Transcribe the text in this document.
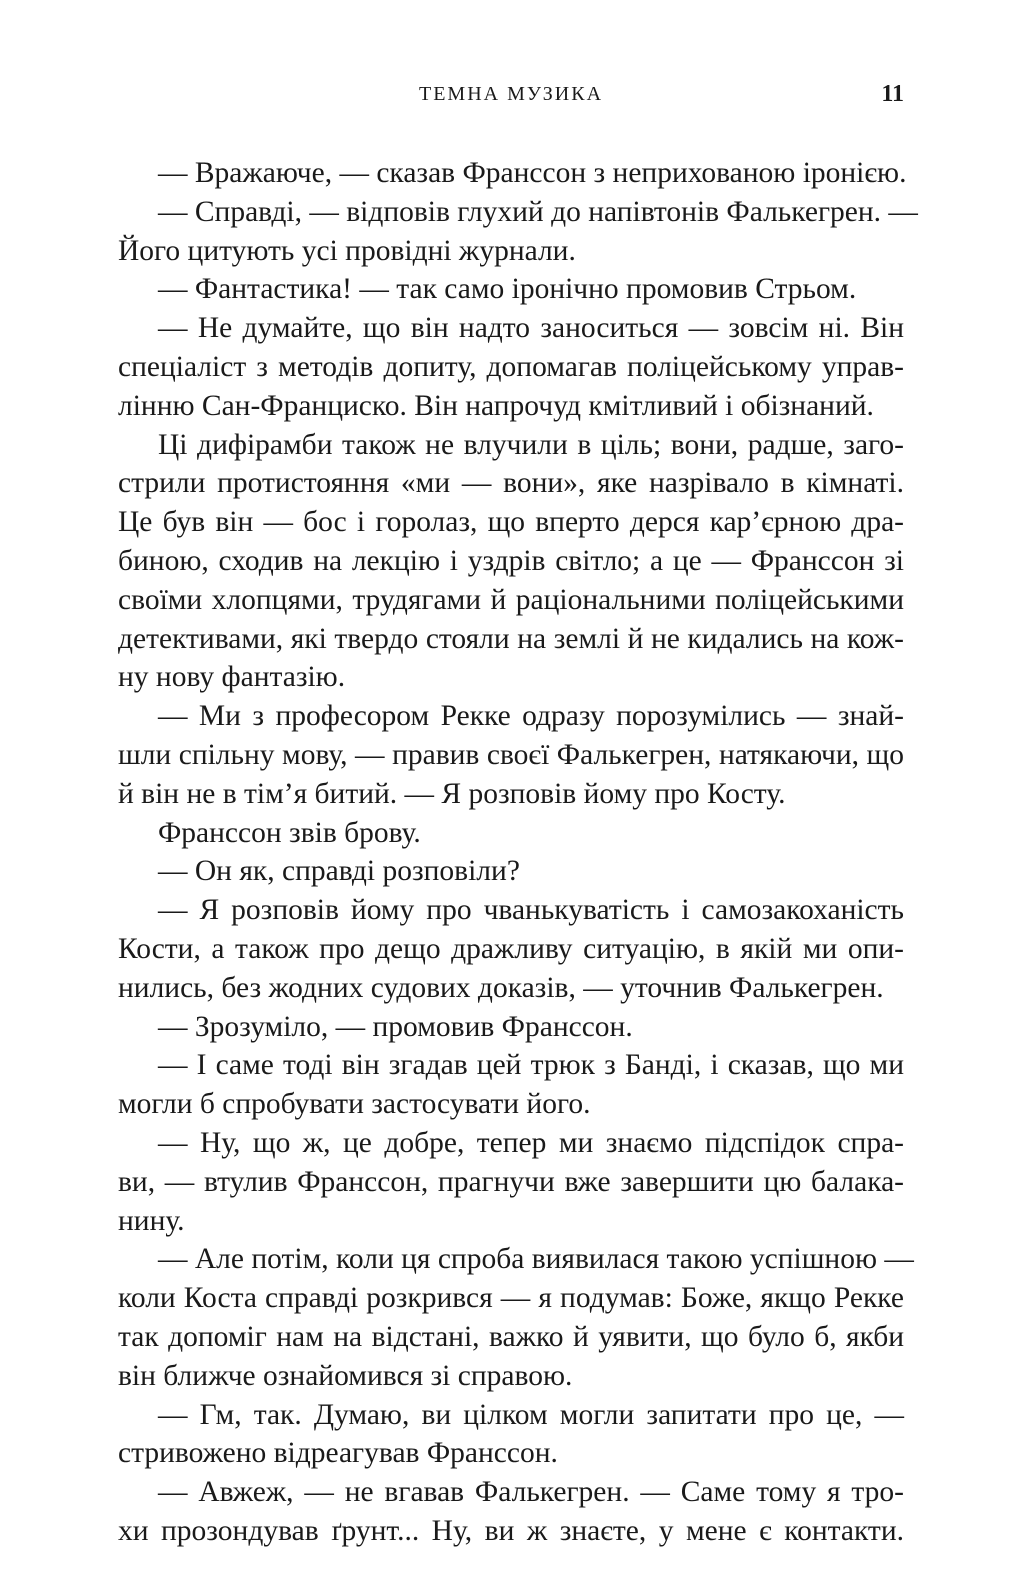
ТЕМНА МУЗИКА	11
— Вражаюче, — сказав Франссон з неприхованою іронією.
— Справді, — відповів глухий до напівтонів Фалькегрен. —
Його цитують усі провідні журнали.
— Фантастика! — так само іронічно промовив Стрьом.
— Не думайте, що він надто заноситься — зовсім ні. Він
спеціаліст з методів допиту, допомагав поліцейському управ-
лінню Сан-Франциско. Він напрочуд кмітливий і обізнаний.
Ці дифірамби також не влучили в ціль; вони, радше, заго-
стрили протистояння «ми — вони», яке назрівало в кімнаті.
Це був він — бос і горолаз, що вперто дерся кар’єрною дра-
биною, сходив на лекцію і уздрів світло; а це — Франссон зі
своїми хлопцями, трудягами й раціональними поліцейськими
детективами, які твердо стояли на землі й не кидались на кож-
ну нову фантазію.
— Ми з професором Рекке одразу порозумілись — знай-
шли спільну мову, — правив своєї Фалькегрен, натякаючи, що
й він не в тім’я битий. — Я розповів йому про Косту.
Франссон звів брову.
— Он як, справді розповіли?
— Я розповів йому про чванькуватість і самозакоханість
Кости, а також про дещо дражливу ситуацію, в якій ми опи-
нились, без жодних судових доказів, — уточнив Фалькегрен.
— Зрозуміло, — промовив Франссон.
— І саме тоді він згадав цей трюк з Банді, і сказав, що ми
могли б спробувати застосувати його.
— Ну, що ж, це добре, тепер ми знаємо підспідок спра-
ви, — втулив Франссон, прагнучи вже завершити цю балака-
нину.
— Але потім, коли ця спроба виявилася такою успішною —
коли Коста справді розкрився — я подумав: Боже, якщо Рекке
так допоміг нам на відстані, важко й уявити, що було б, якби
він ближче ознайомився зі справою.
— Гм, так. Думаю, ви цілком могли запитати про це, —
стривожено відреагував Франссон.
— Авжеж, — не вгавав Фалькегрен. — Саме тому я тро-
хи прозондував ґрунт... Ну, ви ж знаєте, у мене є контакти.
